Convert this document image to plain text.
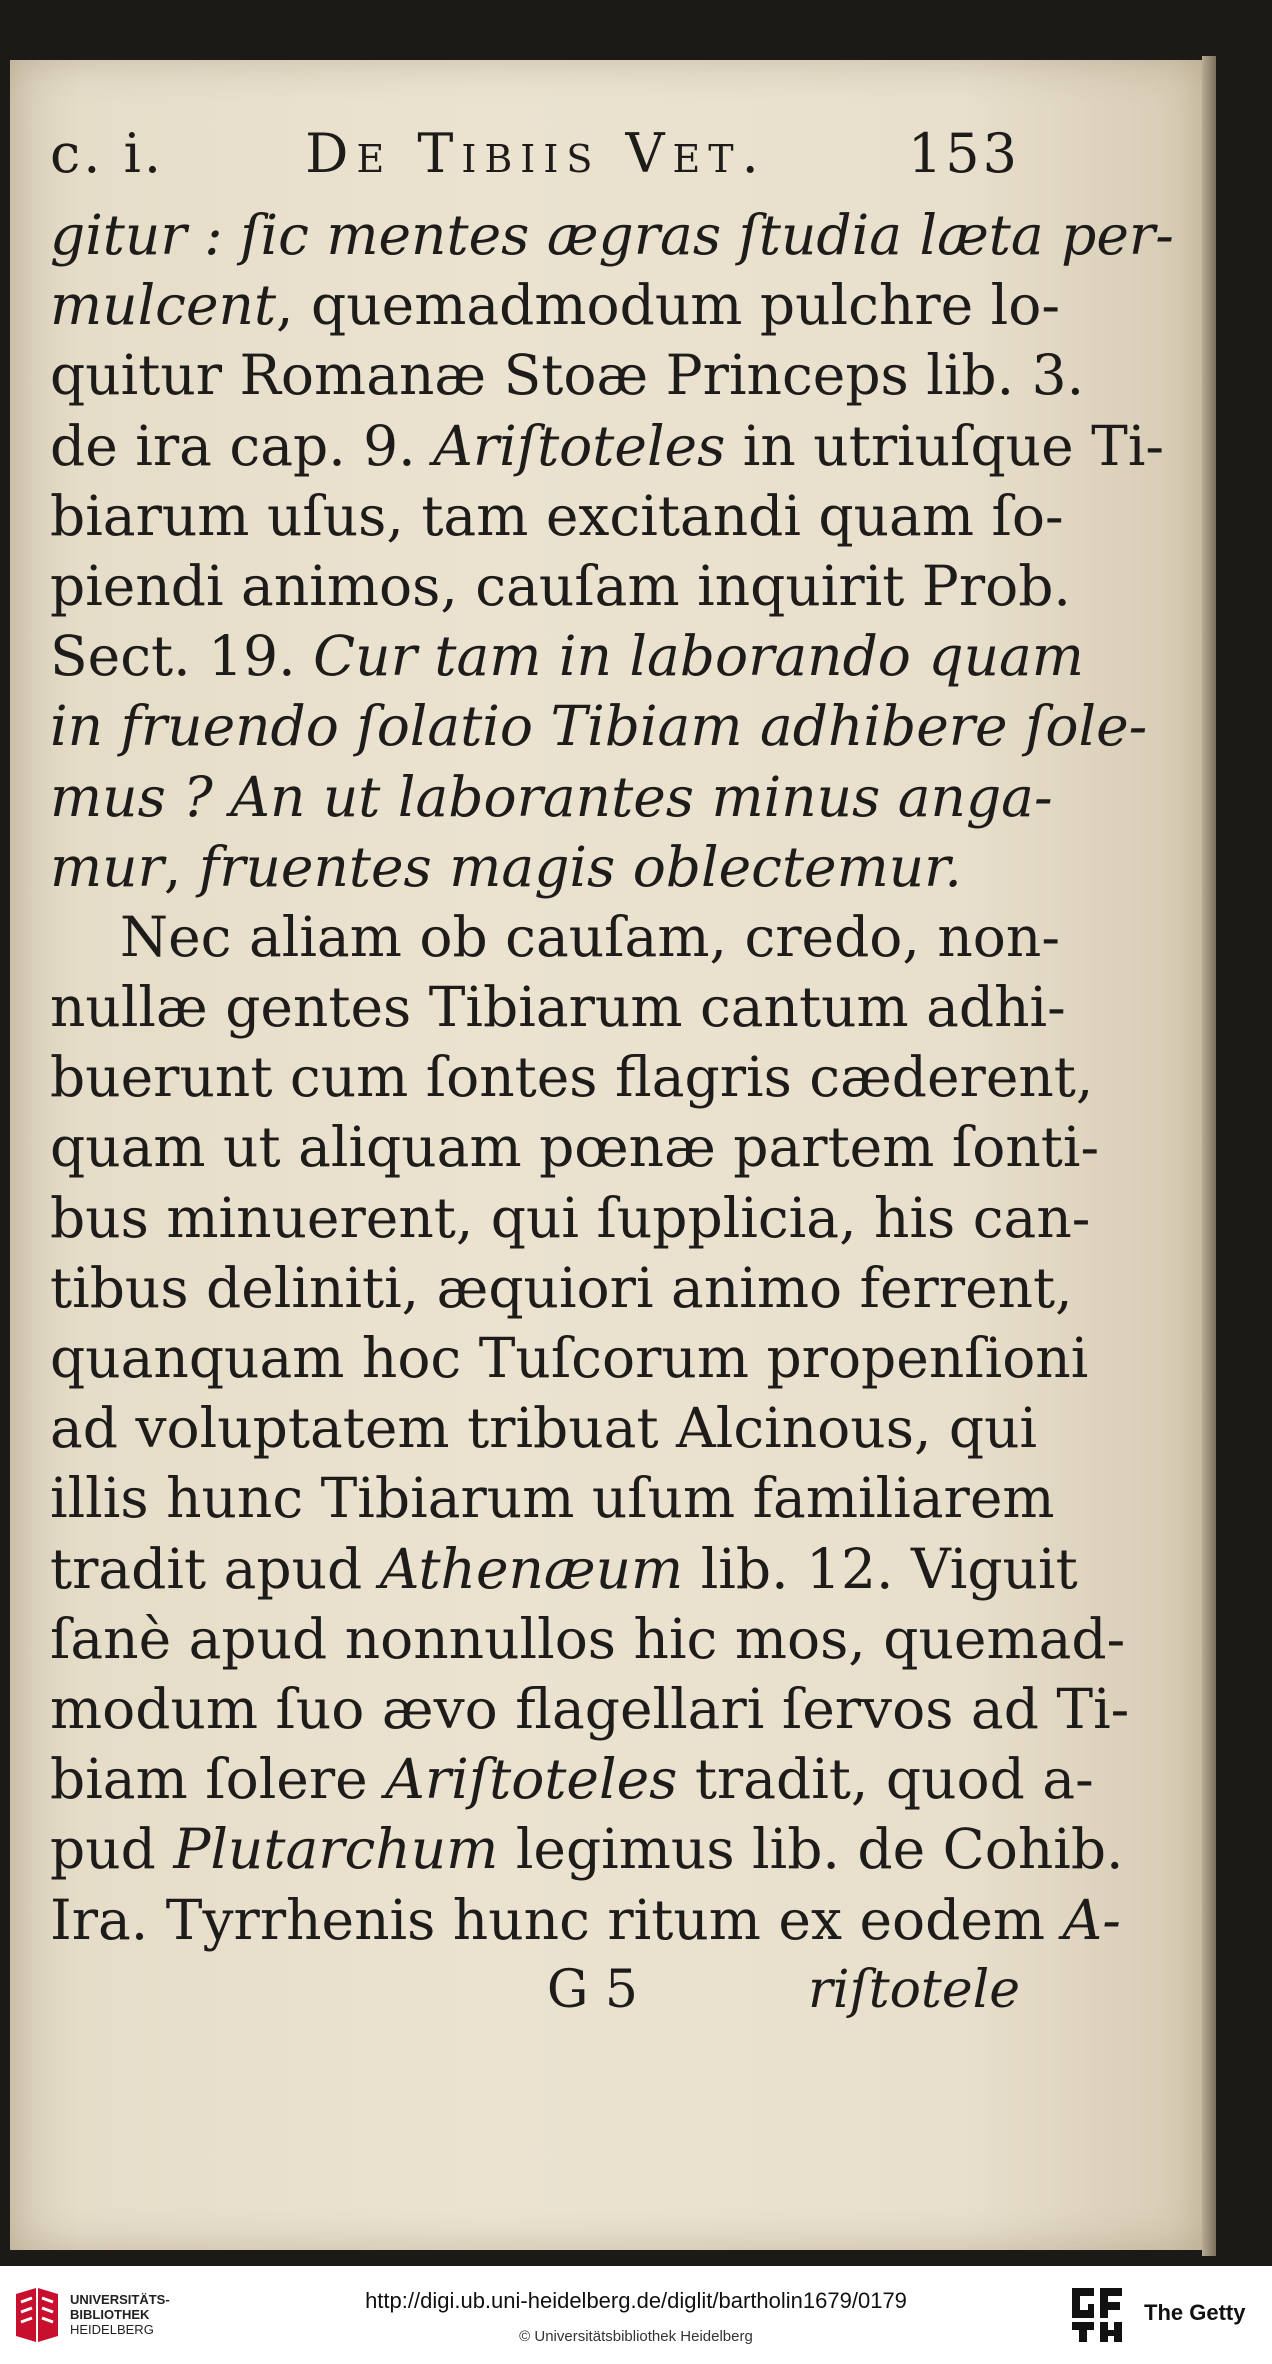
c. i.	De Tibiis Vet.	153
gitur : ſic mentes ægras ſtudia læta per-
mulcent, quemadmodum pulchre lo-
quitur Romanæ Stoæ Princeps lib. 3.
de ira cap. 9. Ariſtoteles in utriuſque Ti-
biarum uſus, tam excitandi quam ſo-
piendi animos, cauſam inquirit Prob.
Sect. 19. Cur tam in laborando quam
in fruendo ſolatio Tibiam adhibere ſole-
mus ? An ut laborantes minus anga-
mur, fruentes magis oblectemur.
Nec aliam ob cauſam, credo, non-
nullæ gentes Tibiarum cantum adhi-
buerunt cum ſontes flagris cæderent,
quam ut aliquam pœnæ partem ſonti-
bus minuerent, qui ſupplicia, his can-
tibus deliniti, æquiori animo ferrent,
quanquam hoc Tuſcorum propenſioni
ad voluptatem tribuat Alcinous, qui
illis hunc Tibiarum uſum familiarem
tradit apud Athenæum lib. 12. Viguit
ſanè apud nonnullos hic mos, quemad-
modum ſuo ævo flagellari ſervos ad Ti-
biam ſolere Ariſtoteles tradit, quod a-
pud Plutarchum legimus lib. de Cohib.
Ira. Tyrrhenis hunc ritum ex eodem A-
G 5	riſtotele
UNIVERSITÄTS-
BIBLIOTHEK
HEIDELBERG
http://digi.ub.uni-heidelberg.de/diglit/bartholin1679/0179
© Universitätsbibliothek Heidelberg
The Getty
